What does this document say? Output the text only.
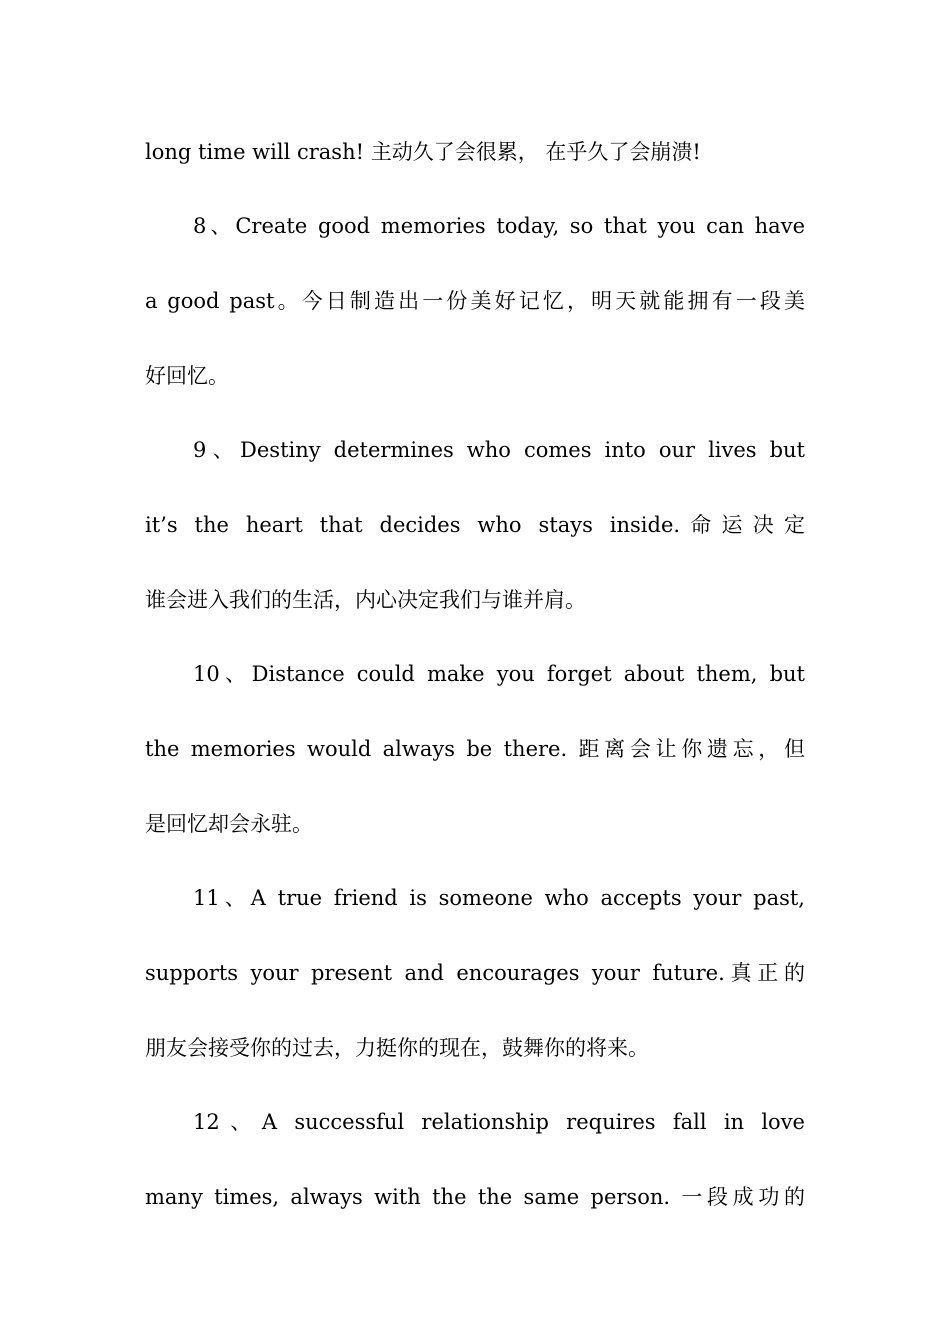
long time will crash! 主动久了会很累， 在乎久了会崩溃!
8、Create good memories today, so that you can have
a good past。今日制造出一份美好记忆，明天就能拥有一段美
好回忆。
9、Destiny determines who comes into our lives but
it’s the heart that decides who stays inside.命运决定
谁会进入我们的生活，内心决定我们与谁并肩。
10、Distance could make you forget about them, but
the memories would always be there. 距离会让你遗忘，但
是回忆却会永驻。
11、A true friend is someone who accepts your past,
supports your present and encourages your future.真正的
朋友会接受你的过去，力挺你的现在，鼓舞你的将来。
12、A successful relationship requires fall in love
many times, always with the the same person. 一段成功的
